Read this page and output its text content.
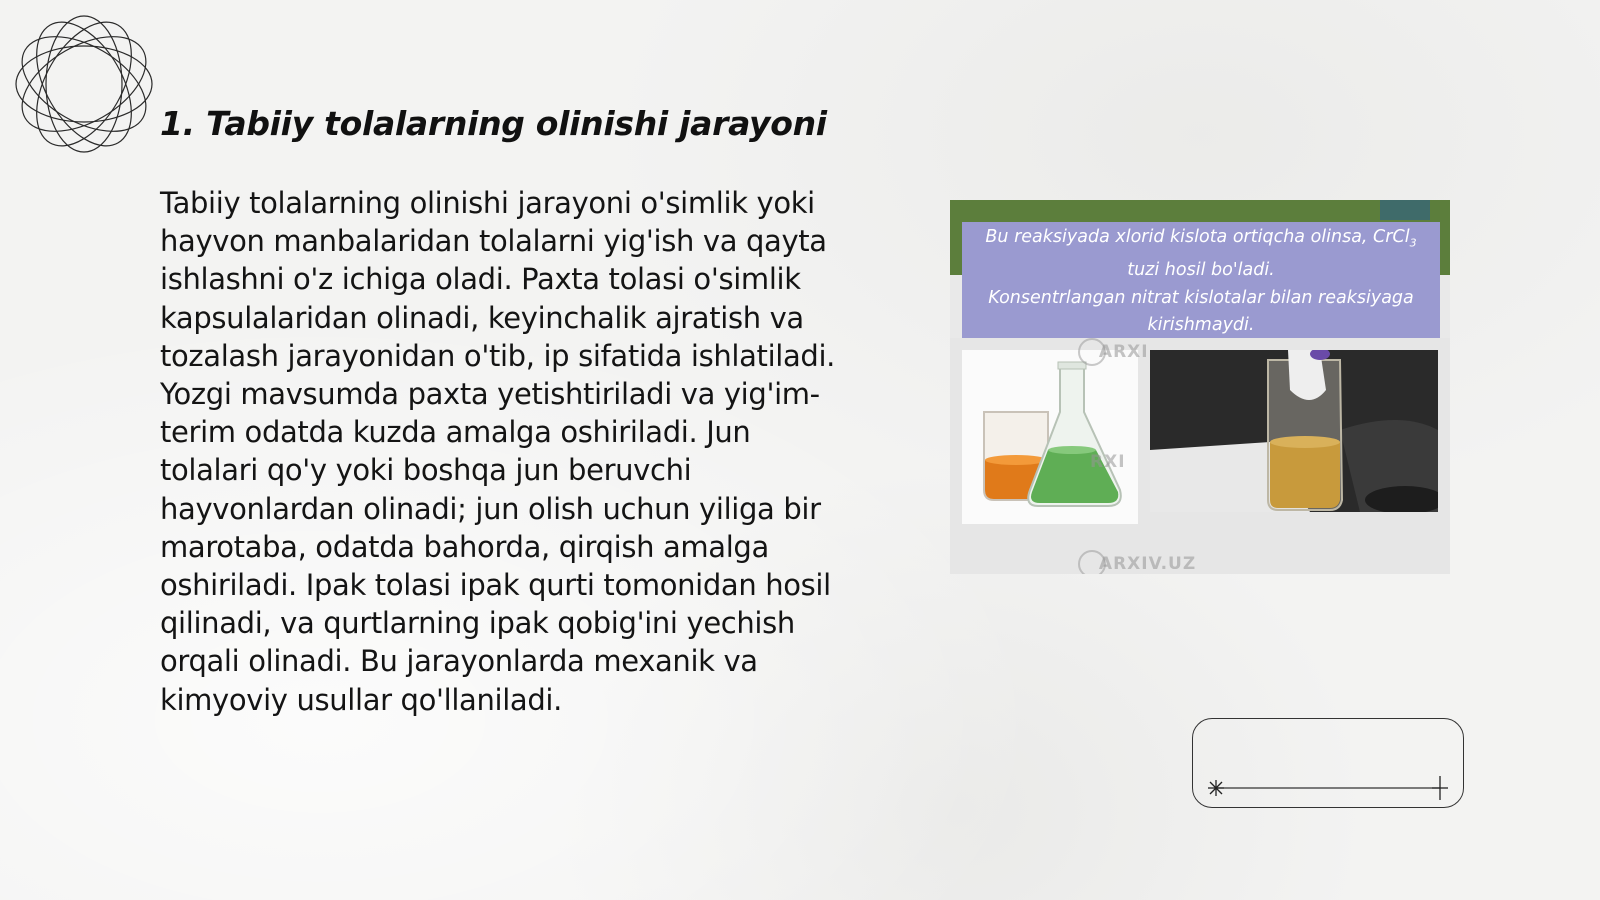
1. Tabiiy tolalarning olinishi jarayoni

Tabiiy tolalarning olinishi jarayoni o'simlik yoki hayvon manbalaridan tolalarni yig'ish va qayta ishlashni o'z ichiga oladi. Paxta tolasi o'simlik kapsulalaridan olinadi, keyinchalik ajratish va tozalash jarayonidan o'tib, ip sifatida ishlatiladi. Yozgi mavsumda paxta yetishtiriladi va yig'im-terim odatda kuzda amalga oshiriladi. Jun tolalari qo'y yoki boshqa jun beruvchi hayvonlardan olinadi; jun olish uchun yiliga bir marotaba, odatda bahorda, qirqish amalga oshiriladi. Ipak tolasi ipak qurti tomonidan hosil qilinadi, va qurtlarning ipak qobig'ini yechish orqali olinadi. Bu jarayonlarda mexanik va kimyoviy usullar qo'llaniladi.

Bu reaksiyada xlorid kislota ortiqcha olinsa, CrCl$_3$
tuzi hosil bo'ladi.
Konsentrlangan nitrat kislotalar bilan reaksiyaga
kirishmaydi.
ARXI
RXI
ARXIV.UZ
